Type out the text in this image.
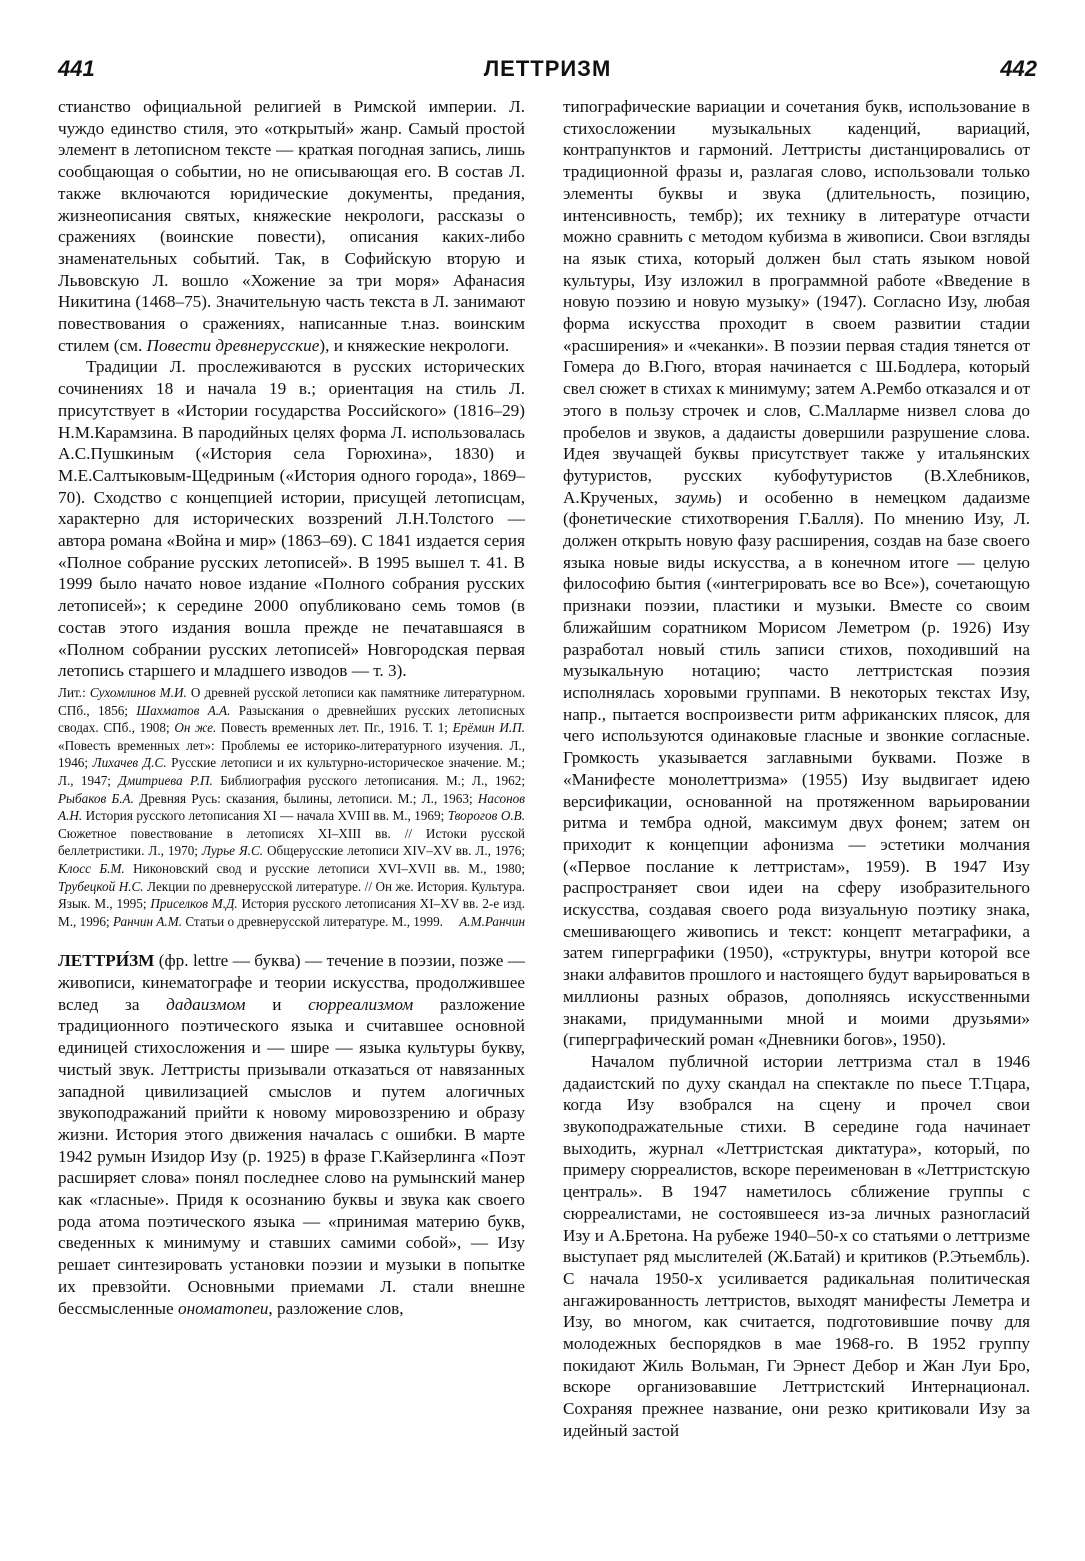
441	ЛЕТТРИЗМ	442

стианство официальной религией в Римской империи. Л. чуждо единство стиля, это «открытый» жанр. Самый простой элемент в летописном тексте — краткая погодная запись, лишь сообщающая о событии, но не описывающая его. В состав Л. также включаются юридические документы, предания, жизнеописания святых, княжеские некрологи, рассказы о сражениях (воинские повести), описания каких-либо знаменательных событий. Так, в Софийскую вторую и Львовскую Л. вошло «Хожение за три моря» Афанасия Никитина (1468–75). Значительную часть текста в Л. занимают повествования о сражениях, написанные т.наз. воинским стилем (см. Повести древнерусские), и княжеские некрологи.

Традиции Л. прослеживаются в русских исторических сочинениях 18 и начала 19 в.; ориентация на стиль Л. присутствует в «Истории государства Российского» (1816–29) Н.М.Карамзина. В пародийных целях форма Л. использовалась А.С.Пушкиным («История села Горюхина», 1830) и М.Е.Салтыковым-Щедриным («История одного города», 1869–70). Сходство с концепцией истории, присущей летописцам, характерно для исторических воззрений Л.Н.Толстого — автора романа «Война и мир» (1863–69). С 1841 издается серия «Полное собрание русских летописей». В 1995 вышел т. 41. В 1999 было начато новое издание «Полного собрания русских летописей»; к середине 2000 опубликовано семь томов (в состав этого издания вошла прежде не печатавшаяся в «Полном собрании русских летописей» Новгородская первая летопись старшего и младшего изводов — т. 3).

Лит.: Сухомлинов М.И. О древней русской летописи как памятнике литературном. СПб., 1856; Шахматов А.А. Разыскания о древнейших русских летописных сводах. СПб., 1908; Он же. Повесть временных лет. Пг., 1916. Т. 1; Ерёмин И.П. «Повесть временных лет»: Проблемы ее историко-литературного изучения. Л., 1946; Лихачев Д.С. Русские летописи и их культурно-историческое значение. М.; Л., 1947; Дмитриева Р.П. Библиография русского летописания. М.; Л., 1962; Рыбаков Б.А. Древняя Русь: сказания, былины, летописи. М.; Л., 1963; Насонов А.Н. История русского летописания XI — начала XVIII вв. М., 1969; Творогов О.В. Сюжетное повествование в летописях XI–XIII вв. // Истоки русской беллетристики. Л., 1970; Лурье Я.С. Общерусские летописи XIV–XV вв. Л., 1976; Клосс Б.М. Никоновский свод и русские летописи XVI–XVII вв. М., 1980; Трубецкой Н.С. Лекции по древнерусской литературе. // Он же. История. Культура. Язык. М., 1995; Приселков М.Д. История русского летописания XI–XV вв. 2-е изд. М., 1996; Ранчин А.М. Статьи о древнерусской литературе. М., 1999.	А.М.Ранчин

ЛЕТТРИ́ЗМ (фр. lettre — буква) — течение в поэзии, позже — живописи, кинематографе и теории искусства, продолжившее вслед за дадаизмом и сюрреализмом разложение традиционного поэтического языка и считавшее основной единицей стихосложения и — шире — языка культуры букву, чистый звук. Леттристы призывали отказаться от навязанных западной цивилизацией смыслов и путем алогичных звукоподражаний прийти к новому мировоззрению и образу жизни. История этого движения началась с ошибки. В марте 1942 румын Изидор Изу (р. 1925) в фразе Г.Кайзерлинга «Поэт расширяет слова» понял последнее слово на румынский манер как «гласные». Придя к осознанию буквы и звука как своего рода атома поэтического языка — «принимая материю букв, сведенных к минимуму и ставших самими собой», — Изу решает синтезировать установки поэзии и музыки в попытке их превзойти. Основными приемами Л. стали внешне бессмысленные ономатопеи, разложение слов,

типографические вариации и сочетания букв, использование в стихосложении музыкальных каденций, вариаций, контрапунктов и гармоний. Леттристы дистанцировались от традиционной фразы и, разлагая слово, использовали только элементы буквы и звука (длительность, позицию, интенсивность, тембр); их технику в литературе отчасти можно сравнить с методом кубизма в живописи. Свои взгляды на язык стиха, который должен был стать языком новой культуры, Изу изложил в программной работе «Введение в новую поэзию и новую музыку» (1947). Согласно Изу, любая форма искусства проходит в своем развитии стадии «расширения» и «чеканки». В поэзии первая стадия тянется от Гомера до В.Гюго, вторая начинается с Ш.Бодлера, который свел сюжет в стихах к минимуму; затем А.Рембо отказался и от этого в пользу строчек и слов, С.Малларме низвел слова до пробелов и звуков, а дадаисты довершили разрушение слова. Идея звучащей буквы присутствует также у итальянских футуристов, русских кубофутуристов (В.Хлебников, А.Крученых, заумь) и особенно в немецком дадаизме (фонетические стихотворения Г.Балля). По мнению Изу, Л. должен открыть новую фазу расширения, создав на базе своего языка новые виды искусства, а в конечном итоге — целую философию бытия («интегрировать все во Все»), сочетающую признаки поэзии, пластики и музыки. Вместе со своим ближайшим соратником Морисом Леметром (р. 1926) Изу разработал новый стиль записи стихов, походивший на музыкальную нотацию; часто леттристская поэзия исполнялась хоровыми группами. В некоторых текстах Изу, напр., пытается воспроизвести ритм африканских плясок, для чего используются одинаковые гласные и звонкие согласные. Громкость указывается заглавными буквами. Позже в «Манифесте монолеттризма» (1955) Изу выдвигает идею версификации, основанной на протяженном варьировании ритма и тембра одной, максимум двух фонем; затем он приходит к концепции афонизма — эстетики молчания («Первое послание к леттристам», 1959). В 1947 Изу распространяет свои идеи на сферу изобразительного искусства, создавая своего рода визуальную поэтику знака, смешивающего живопись и текст: концепт метаграфики, а затем гиперграфики (1950), «структуры, внутри которой все знаки алфавитов прошлого и настоящего будут варьироваться в миллионы разных образов, дополняясь искусственными знаками, придуманными мной и моими друзьями» (гиперграфический роман «Дневники богов», 1950).

Началом публичной истории леттризма стал в 1946 дадаистский по духу скандал на спектакле по пьесе Т.Тцара, когда Изу взобрался на сцену и прочел свои звукоподражательные стихи. В середине года начинает выходить, журнал «Леттристская диктатура», который, по примеру сюрреалистов, вскоре переименован в «Леттристскую централь». В 1947 наметилось сближение группы с сюрреалистами, не состоявшееся из-за личных разногласий Изу и А.Бретона. На рубеже 1940–50-х со статьями о леттризме выступает ряд мыслителей (Ж.Батай) и критиков (Р.Этьембль). С начала 1950-х усиливается радикальная политическая ангажированность леттристов, выходят манифесты Леметра и Изу, во многом, как считается, подготовившие почву для молодежных беспорядков в мае 1968-го. В 1952 группу покидают Жиль Вольман, Ги Эрнест Дебор и Жан Луи Бро, вскоре организовавшие Леттристский Интернационал. Сохраняя прежнее название, они резко критиковали Изу за идейный застой
